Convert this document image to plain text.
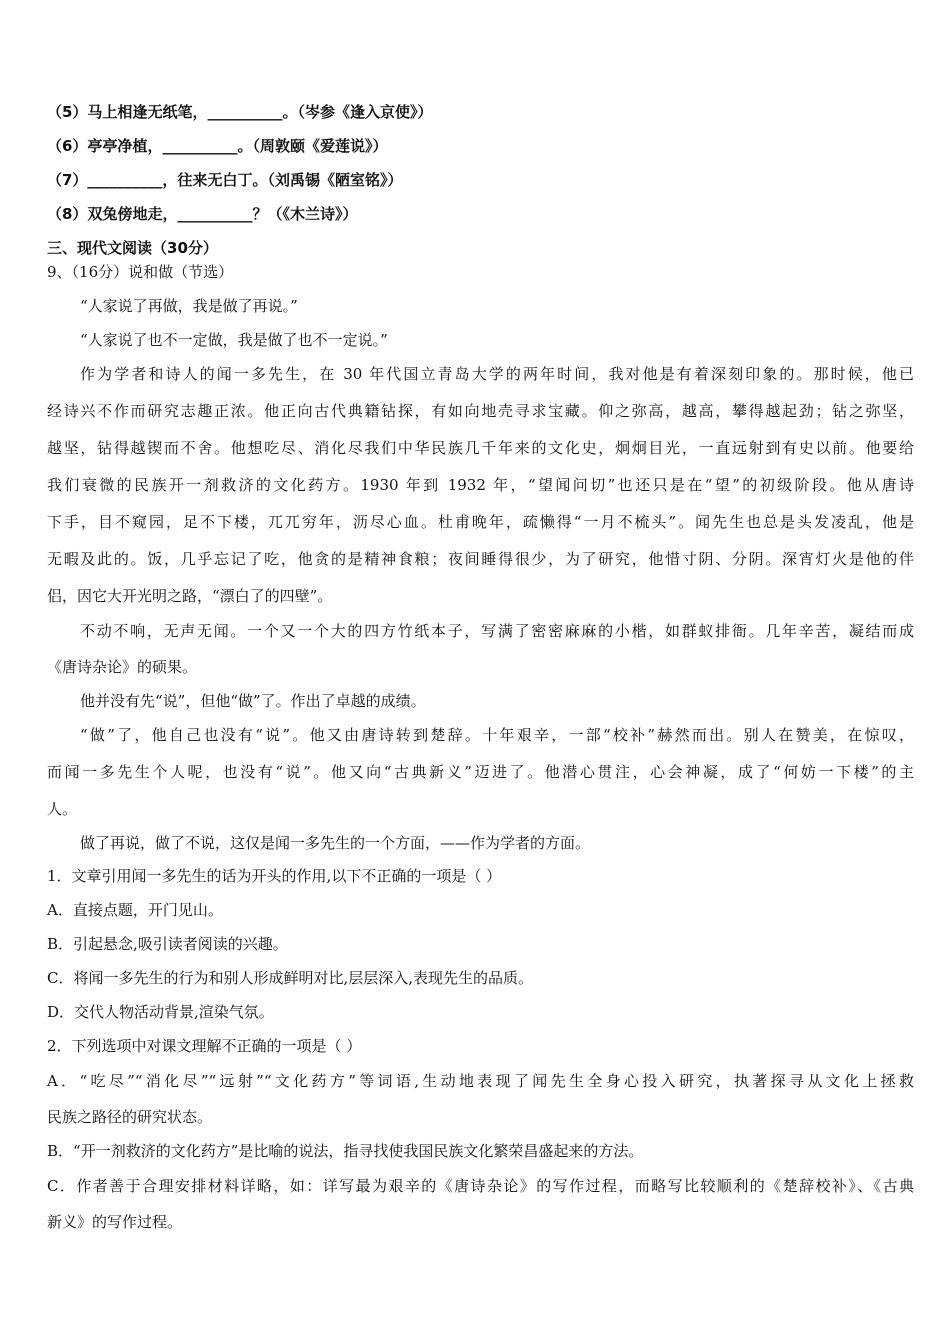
（5）马上相逢无纸笔，__________。（岑参《逢入京使》）
（6）亭亭净植，__________。（周敦颐《爱莲说》）
（7）__________，往来无白丁。（刘禹锡《陋室铭》）
（8）双兔傍地走，__________？（《木兰诗》）
三、现代文阅读（30分）
9、（16分）说和做（节选）
“人家说了再做，我是做了再说。”
“人家说了也不一定做，我是做了也不一定说。”
作为学者和诗人的闻一多先生，在 30 年代国立青岛大学的两年时间，我对他是有着深刻印象的。那时候，他已
经诗兴不作而研究志趣正浓。他正向古代典籍钻探，有如向地壳寻求宝藏。仰之弥高，越高，攀得越起劲；钻之弥坚，
越坚，钻得越锲而不舍。他想吃尽、消化尽我们中华民族几千年来的文化史，炯炯目光，一直远射到有史以前。他要给
我们衰微的民族开一剂救济的文化药方。1930 年到 1932 年，“望闻问切”也还只是在“望”的初级阶段。他从唐诗
下手，目不窥园，足不下楼，兀兀穷年，沥尽心血。杜甫晚年，疏懒得“一月不梳头”。闻先生也总是头发凌乱，他是
无暇及此的。饭，几乎忘记了吃，他贪的是精神食粮；夜间睡得很少，为了研究，他惜寸阴、分阴。深宵灯火是他的伴
侣，因它大开光明之路，“漂白了的四壁”。
不动不响，无声无闻。一个又一个大的四方竹纸本子，写满了密密麻麻的小楷，如群蚁排衙。几年辛苦，凝结而成
《唐诗杂论》的硕果。
他并没有先“说”，但他“做”了。作出了卓越的成绩。
“做”了，他自己也没有“说”。他又由唐诗转到楚辞。十年艰辛，一部“校补”赫然而出。别人在赞美，在惊叹，
而闻一多先生个人呢，也没有“说”。他又向“古典新义”迈进了。他潜心贯注，心会神凝，成了“何妨一下楼”的主
人。
做了再说，做了不说，这仅是闻一多先生的一个方面，——作为学者的方面。
1．文章引用闻一多先生的话为开头的作用,以下不正确的一项是（ ）
A．直接点题，开门见山。
B．引起悬念,吸引读者阅读的兴趣。
C．将闻一多先生的行为和别人形成鲜明对比,层层深入,表现先生的品质。
D．交代人物活动背景,渲染气氛。
2．下列选项中对课文理解不正确的一项是（ ）
A．“吃尽”“消化尽”“远射”“文化药方”等词语,生动地表现了闻先生全身心投入研究，执著探寻从文化上拯救
民族之路径的研究状态。
B．“开一剂救济的文化药方”是比喻的说法，指寻找使我国民族文化繁荣昌盛起来的方法。
C．作者善于合理安排材料详略，如：详写最为艰辛的《唐诗杂论》的写作过程，而略写比较顺利的《楚辞校补》、《古典
新义》的写作过程。
